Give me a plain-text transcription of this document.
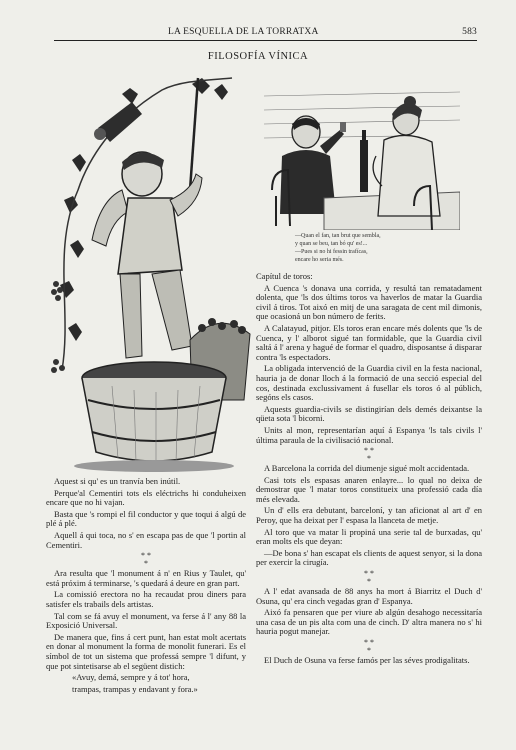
LA ESQUELLA DE LA TORRATXA	583
FILOSOFÍA VÍNICA
—Quan el fan, tan brut que sembla,
y quan se beu, tan bó qu' es!...
—Pues si no hi fessin trafícas,
encare ho seria més.

Capítul de toros:

A Cuenca 's donava una corrida, y resultá tan rematadament dolenta, que 'ls dos últims toros va haverlos de matar la Guardia civil á tiros. Tot aixó en mitj de una saragata de cent mil dimonis, que ocasioná un bon número de ferits.

A Calatayud, pitjor. Els toros eran encare més dolents que 'ls de Cuenca, y l' alborot sigué tan formidable, que la Guardia civil saltá á l' arena y hagué de formar el quadro, disposantse á disparar contra 'ls espectadors.

La obligada intervenció de la Guardia civil en la festa nacional, hauria ja de donar lloch á la formació de una secció especial del cos, destinada exclussivament á fusellar els toros ó al públich, segóns els casos.

Aquests guardia-civils se distingirían dels demés deixantse la qüeta sota 'l bicorni.

Units al mon, representarían aquí á Espanya 'ls tals civils l' última paraula de la civilisació nacional.

* *
*

A Barcelona la corrida del diumenje sigué molt accidentada.

Casi tots els espasas anaren enlayre... lo qual no deixa de demostrar que 'l matar toros constitueix una professió cada día més elevada.

Un d' ells era debutant, barceloní, y tan aficionat al art d' en Peroy, que ha deixat per l' espasa la llanceta de metje.

Al toro que va matar li propiná una serie tal de burxadas, qu' eran molts els que deyan:

—De bona s' han escapat els clients de aquest senyor, si la dona per exercir la cirugía.

* *
*

A l' edat avansada de 88 anys ha mort á Biarritz el Duch d' Osuna, qu' era cinch vegadas gran d' Espanya.

Aixó fa pensaren que per viure ab algún desahogo necessitaría una casa de un pis alta com una de cinch. D' altra manera no s' hi hauria pogut manejar.

* *
*

El Duch de Osuna va ferse famós per las séves prodigalitats.

Aquest si qu' es un tranvía ben inútil.

Perque'al Cementiri tots els eléctrichs hi conduheixen encare que no hi vajan.

Basta que 's rompi el fil conductor y que toqui á algú de plé á plé.

Aquell á qui toca, no s' en escapa pas de que 'l portin al Cementiri.

* *
*

Ara resulta que 'l monument á n' en Rius y Taulet, qu' está próxim á terminarse, 's quedará á deure en gran part.

La comissió erectora no ha recaudat prou diners para satisfer els trabails dels artistas.

Tal com se fá avuy el monument, va ferse á l' any 88 la Exposició Universal.

De manera que, fins á cert punt, han estat molt acertats en donar al monument la forma de monolit funerari. Es el símbol de tot un sistema que professá sempre 'l difunt, y que pot sintetisarse ab el següent distich:

«Avuy, demá, sempre y á tot' hora,

trampas, trampas y endavant y fora.»
